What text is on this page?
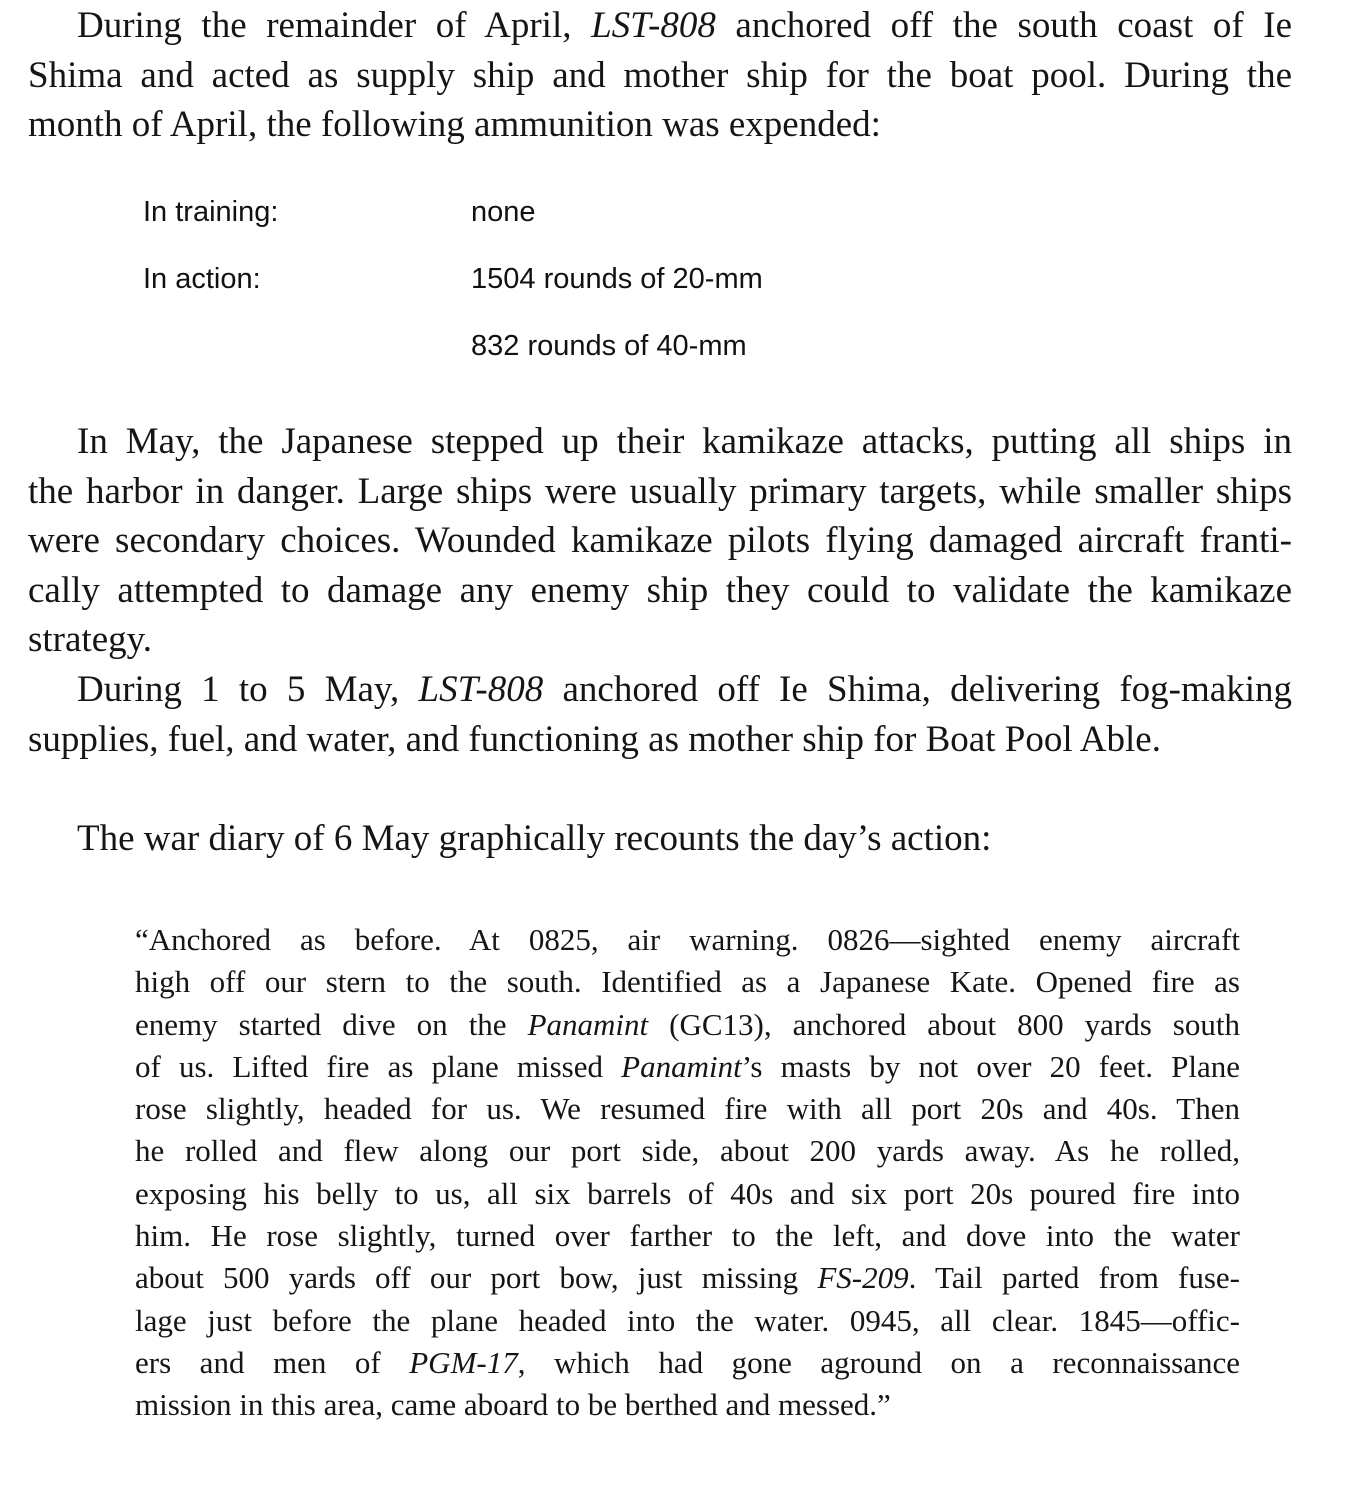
During the remainder of April, LST-808 anchored off the south coast of Ie
Shima and acted as supply ship and mother ship for the boat pool. During the
month of April, the following ammunition was expended:
In training:	none
In action:	1504 rounds of 20-mm
832 rounds of 40-mm
In May, the Japanese stepped up their kamikaze attacks, putting all ships in
the harbor in danger. Large ships were usually primary targets, while smaller ships
were secondary choices. Wounded kamikaze pilots flying damaged aircraft franti-
cally attempted to damage any enemy ship they could to validate the kamikaze
strategy.
During 1 to 5 May, LST-808 anchored off Ie Shima, delivering fog-making
supplies, fuel, and water, and functioning as mother ship for Boat Pool Able.
The war diary of 6 May graphically recounts the day’s action:
“Anchored as before. At 0825, air warning. 0826—sighted enemy aircraft
high off our stern to the south. Identified as a Japanese Kate. Opened fire as
enemy started dive on the Panamint (GC13), anchored about 800 yards south
of us. Lifted fire as plane missed Panamint’s masts by not over 20 feet. Plane
rose slightly, headed for us. We resumed fire with all port 20s and 40s. Then
he rolled and flew along our port side, about 200 yards away. As he rolled,
exposing his belly to us, all six barrels of 40s and six port 20s poured fire into
him. He rose slightly, turned over farther to the left, and dove into the water
about 500 yards off our port bow, just missing FS-209. Tail parted from fuse-
lage just before the plane headed into the water. 0945, all clear. 1845—offic-
ers and men of PGM-17, which had gone aground on a reconnaissance
mission in this area, came aboard to be berthed and messed.”
